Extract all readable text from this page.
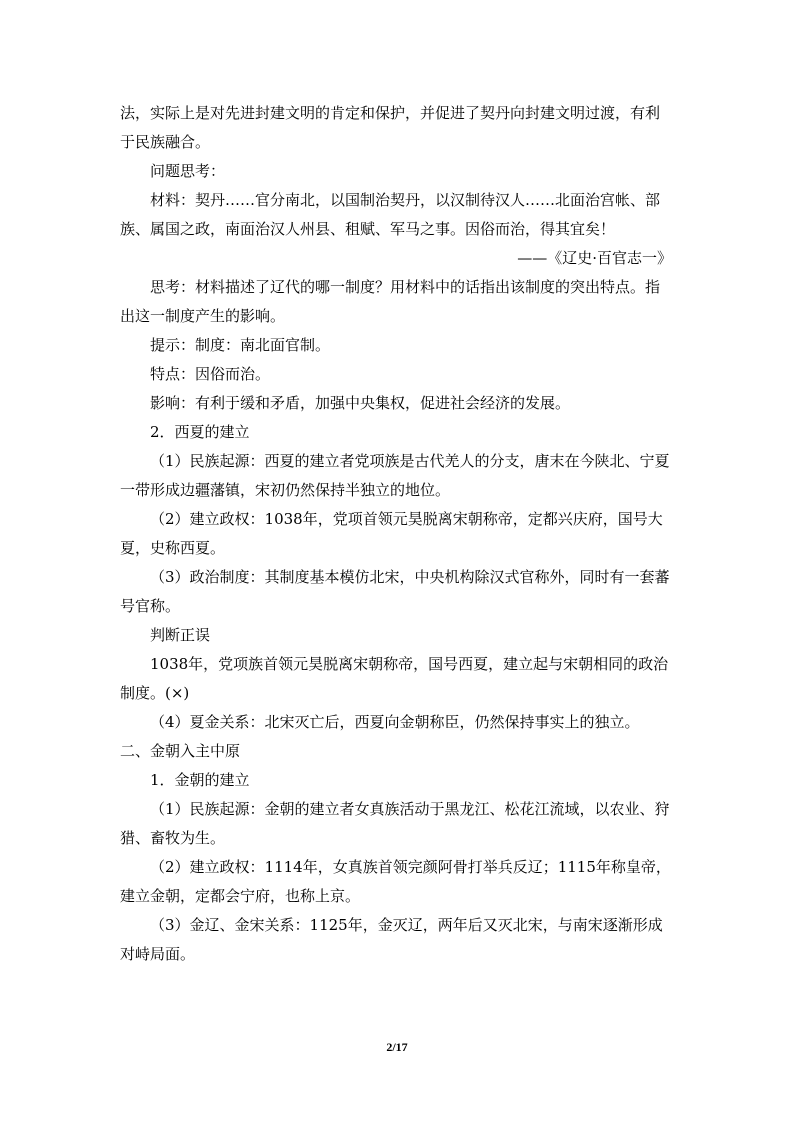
法，实际上是对先进封建文明的肯定和保护，并促进了契丹向封建文明过渡，有利于民族融合。

问题思考：

材料：契丹……官分南北，以国制治契丹，以汉制待汉人……北面治宫帐、部族、属国之政，南面治汉人州县、租赋、军马之事。因俗而治，得其宜矣！

——《辽史·百官志一》

思考：材料描述了辽代的哪一制度？用材料中的话指出该制度的突出特点。指出这一制度产生的影响。

提示：制度：南北面官制。

特点：因俗而治。

影响：有利于缓和矛盾，加强中央集权，促进社会经济的发展。

2．西夏的建立

（1）民族起源：西夏的建立者党项族是古代羌人的分支，唐末在今陕北、宁夏一带形成边疆藩镇，宋初仍然保持半独立的地位。

（2）建立政权：1038年，党项首领元昊脱离宋朝称帝，定都兴庆府，国号大夏，史称西夏。

（3）政治制度：其制度基本模仿北宋，中央机构除汉式官称外，同时有一套蕃号官称。

判断正误

1038年，党项族首领元昊脱离宋朝称帝，国号西夏，建立起与宋朝相同的政治制度。(×)

（4）夏金关系：北宋灭亡后，西夏向金朝称臣，仍然保持事实上的独立。

二、金朝入主中原

1．金朝的建立

（1）民族起源：金朝的建立者女真族活动于黑龙江、松花江流域，以农业、狩猎、畜牧为生。

（2）建立政权：1114年，女真族首领完颜阿骨打举兵反辽；1115年称皇帝，建立金朝，定都会宁府，也称上京。

（3）金辽、金宋关系：1125年，金灭辽，两年后又灭北宋，与南宋逐渐形成对峙局面。

2/17
